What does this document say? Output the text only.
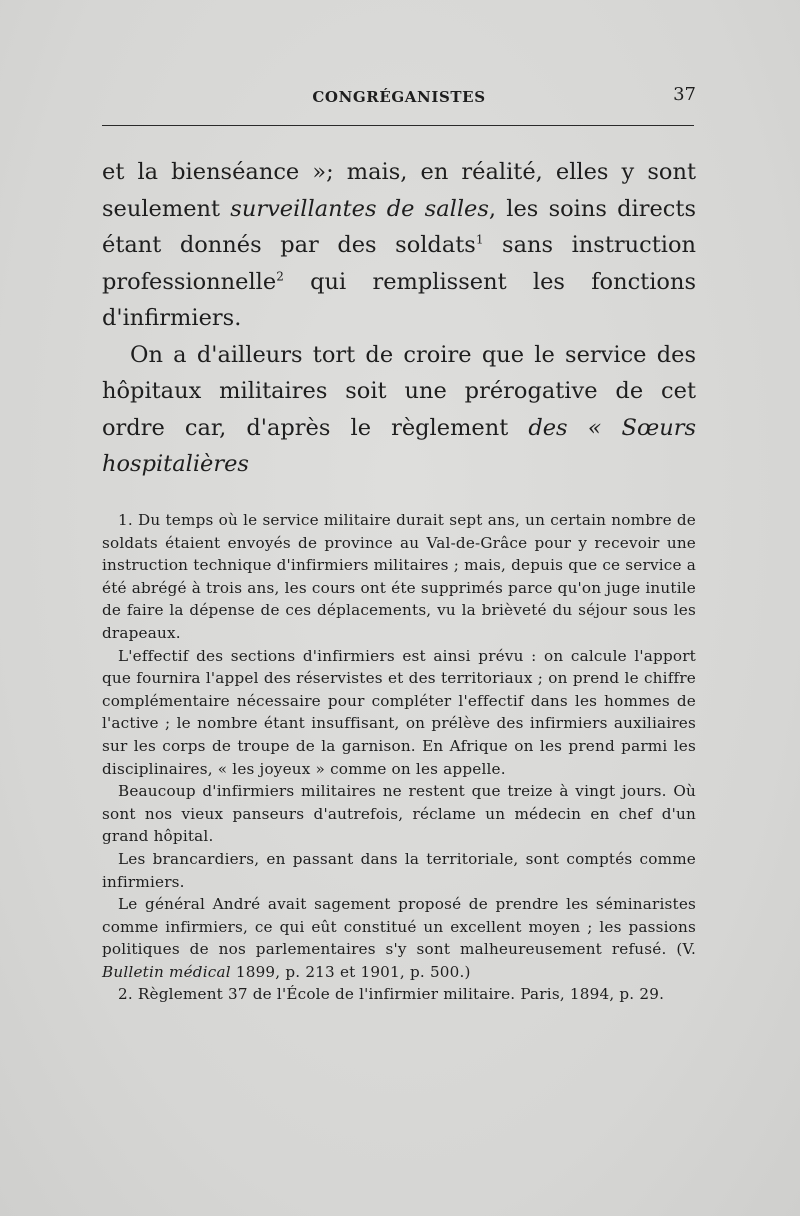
CONGRÉGANISTES	37

et la bienséance »; mais, en réalité, elles y sont seulement surveillantes de salles, les soins directs étant donnés par des soldats$^1$ sans instruction professionnelle$^2$ qui remplissent les fonctions d'infirmiers.

On a d'ailleurs tort de croire que le service des hôpitaux militaires soit une prérogative de cet ordre car, d'après le règlement des « Sœurs hospitalières

1. Du temps où le service militaire durait sept ans, un certain nombre de soldats étaient envoyés de province au Val-de-Grâce pour y recevoir une instruction technique d'infirmiers militaires ; mais, depuis que ce service a été abrégé à trois ans, les cours ont éte supprimés parce qu'on juge inutile de faire la dépense de ces déplacements, vu la brièveté du séjour sous les drapeaux.

L'effectif des sections d'infirmiers est ainsi prévu : on calcule l'apport que fournira l'appel des réservistes et des territoriaux ; on prend le chiffre complémentaire nécessaire pour compléter l'effectif dans les hommes de l'active ; le nombre étant insuffisant, on prélève des infirmiers auxiliaires sur les corps de troupe de la garnison. En Afrique on les prend parmi les disciplinaires, « les joyeux » comme on les appelle.

Beaucoup d'infirmiers militaires ne restent que treize à vingt jours. Où sont nos vieux panseurs d'autrefois, réclame un médecin en chef d'un grand hôpital.

Les brancardiers, en passant dans la territoriale, sont comptés comme infirmiers.

Le général André avait sagement proposé de prendre les séminaristes comme infirmiers, ce qui eût constitué un excellent moyen ; les passions politiques de nos parlementaires s'y sont malheureusement refusé. (V. Bulletin médical 1899, p. 213 et 1901, p. 500.)

2. Règlement 37 de l'École de l'infirmier militaire. Paris, 1894, p. 29.
